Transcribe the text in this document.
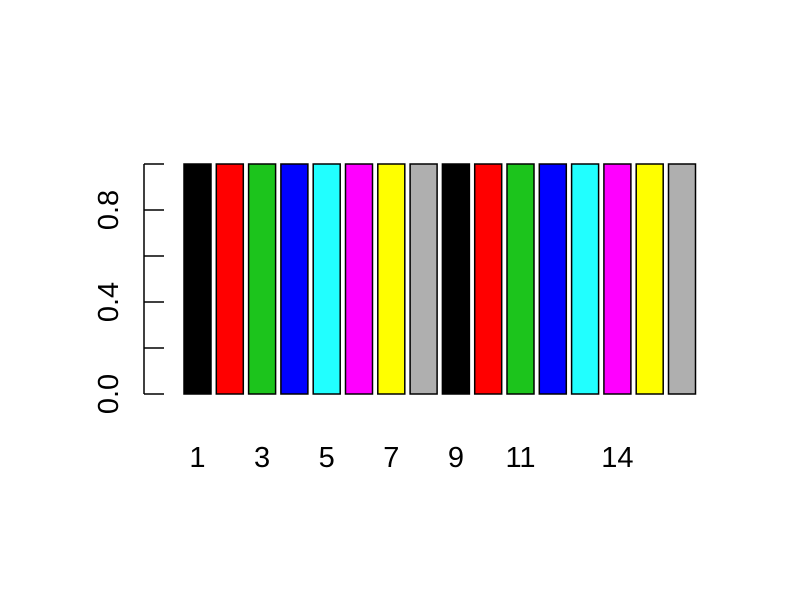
0.0
0.4
0.8
1 3 5 7 9 11 14
